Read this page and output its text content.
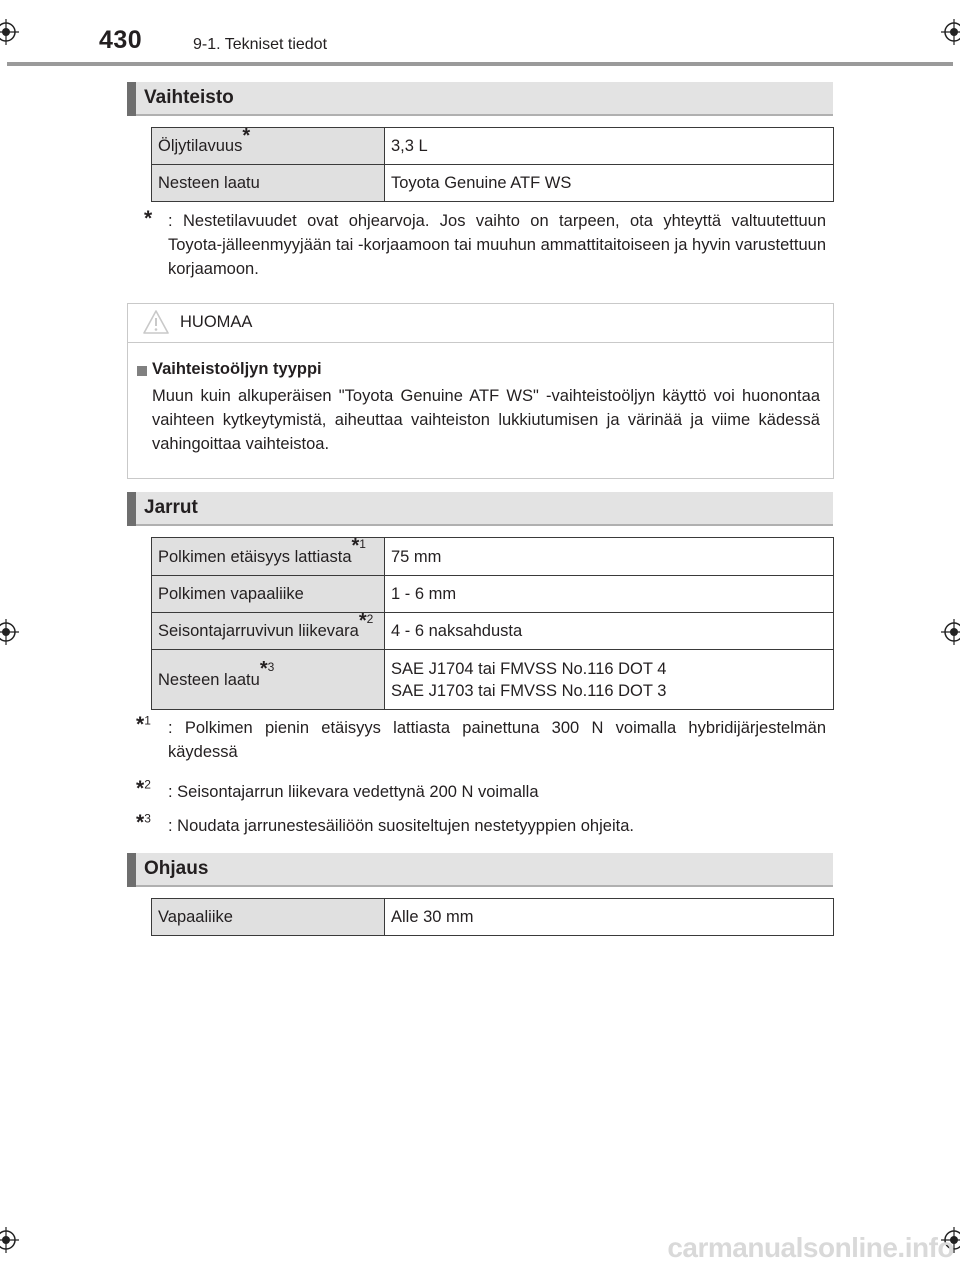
430	9-1. Tekniset tiedot
Vaihteisto
Öljytilavuus*	3,3 L
Nesteen laatu	Toyota Genuine ATF WS
* : Nestetilavuudet ovat ohjearvoja. Jos vaihto on tarpeen, ota yhteyttä valtuutettuun Toyota-jälleenmyyjään tai -korjaamoon tai muuhun ammattitaitoiseen ja hyvin varustettuun korjaamoon.
HUOMAA
Vaihteistoöljyn tyyppi
Muun kuin alkuperäisen "Toyota Genuine ATF WS" -vaihteistoöljyn käyttö voi huonontaa vaihteen kytkeytymistä, aiheuttaa vaihteiston lukkiutumisen ja värinää ja viime kädessä vahingoittaa vaihteistoa.
Jarrut
Polkimen etäisyys lattiasta$^{*1}$	75 mm
Polkimen vapaaliike	1 - 6 mm
Seisontajarruvivun liikevara$^{*2}$	4 - 6 naksahdusta
Nesteen laatu$^{*3}$	SAE J1704 tai FMVSS No.116 DOT 4
SAE J1703 tai FMVSS No.116 DOT 3
*$^1$	: Polkimen pienin etäisyys lattiasta painettuna 300 N voimalla hybridijärjestelmän käydessä
*$^2$	: Seisontajarrun liikevara vedettynä 200 N voimalla
*$^3$	: Noudata jarrunestesäiliöön suositeltujen nestetyyppien ohjeita.
Ohjaus
Vapaaliike	Alle 30 mm
carmanualsonline.info
